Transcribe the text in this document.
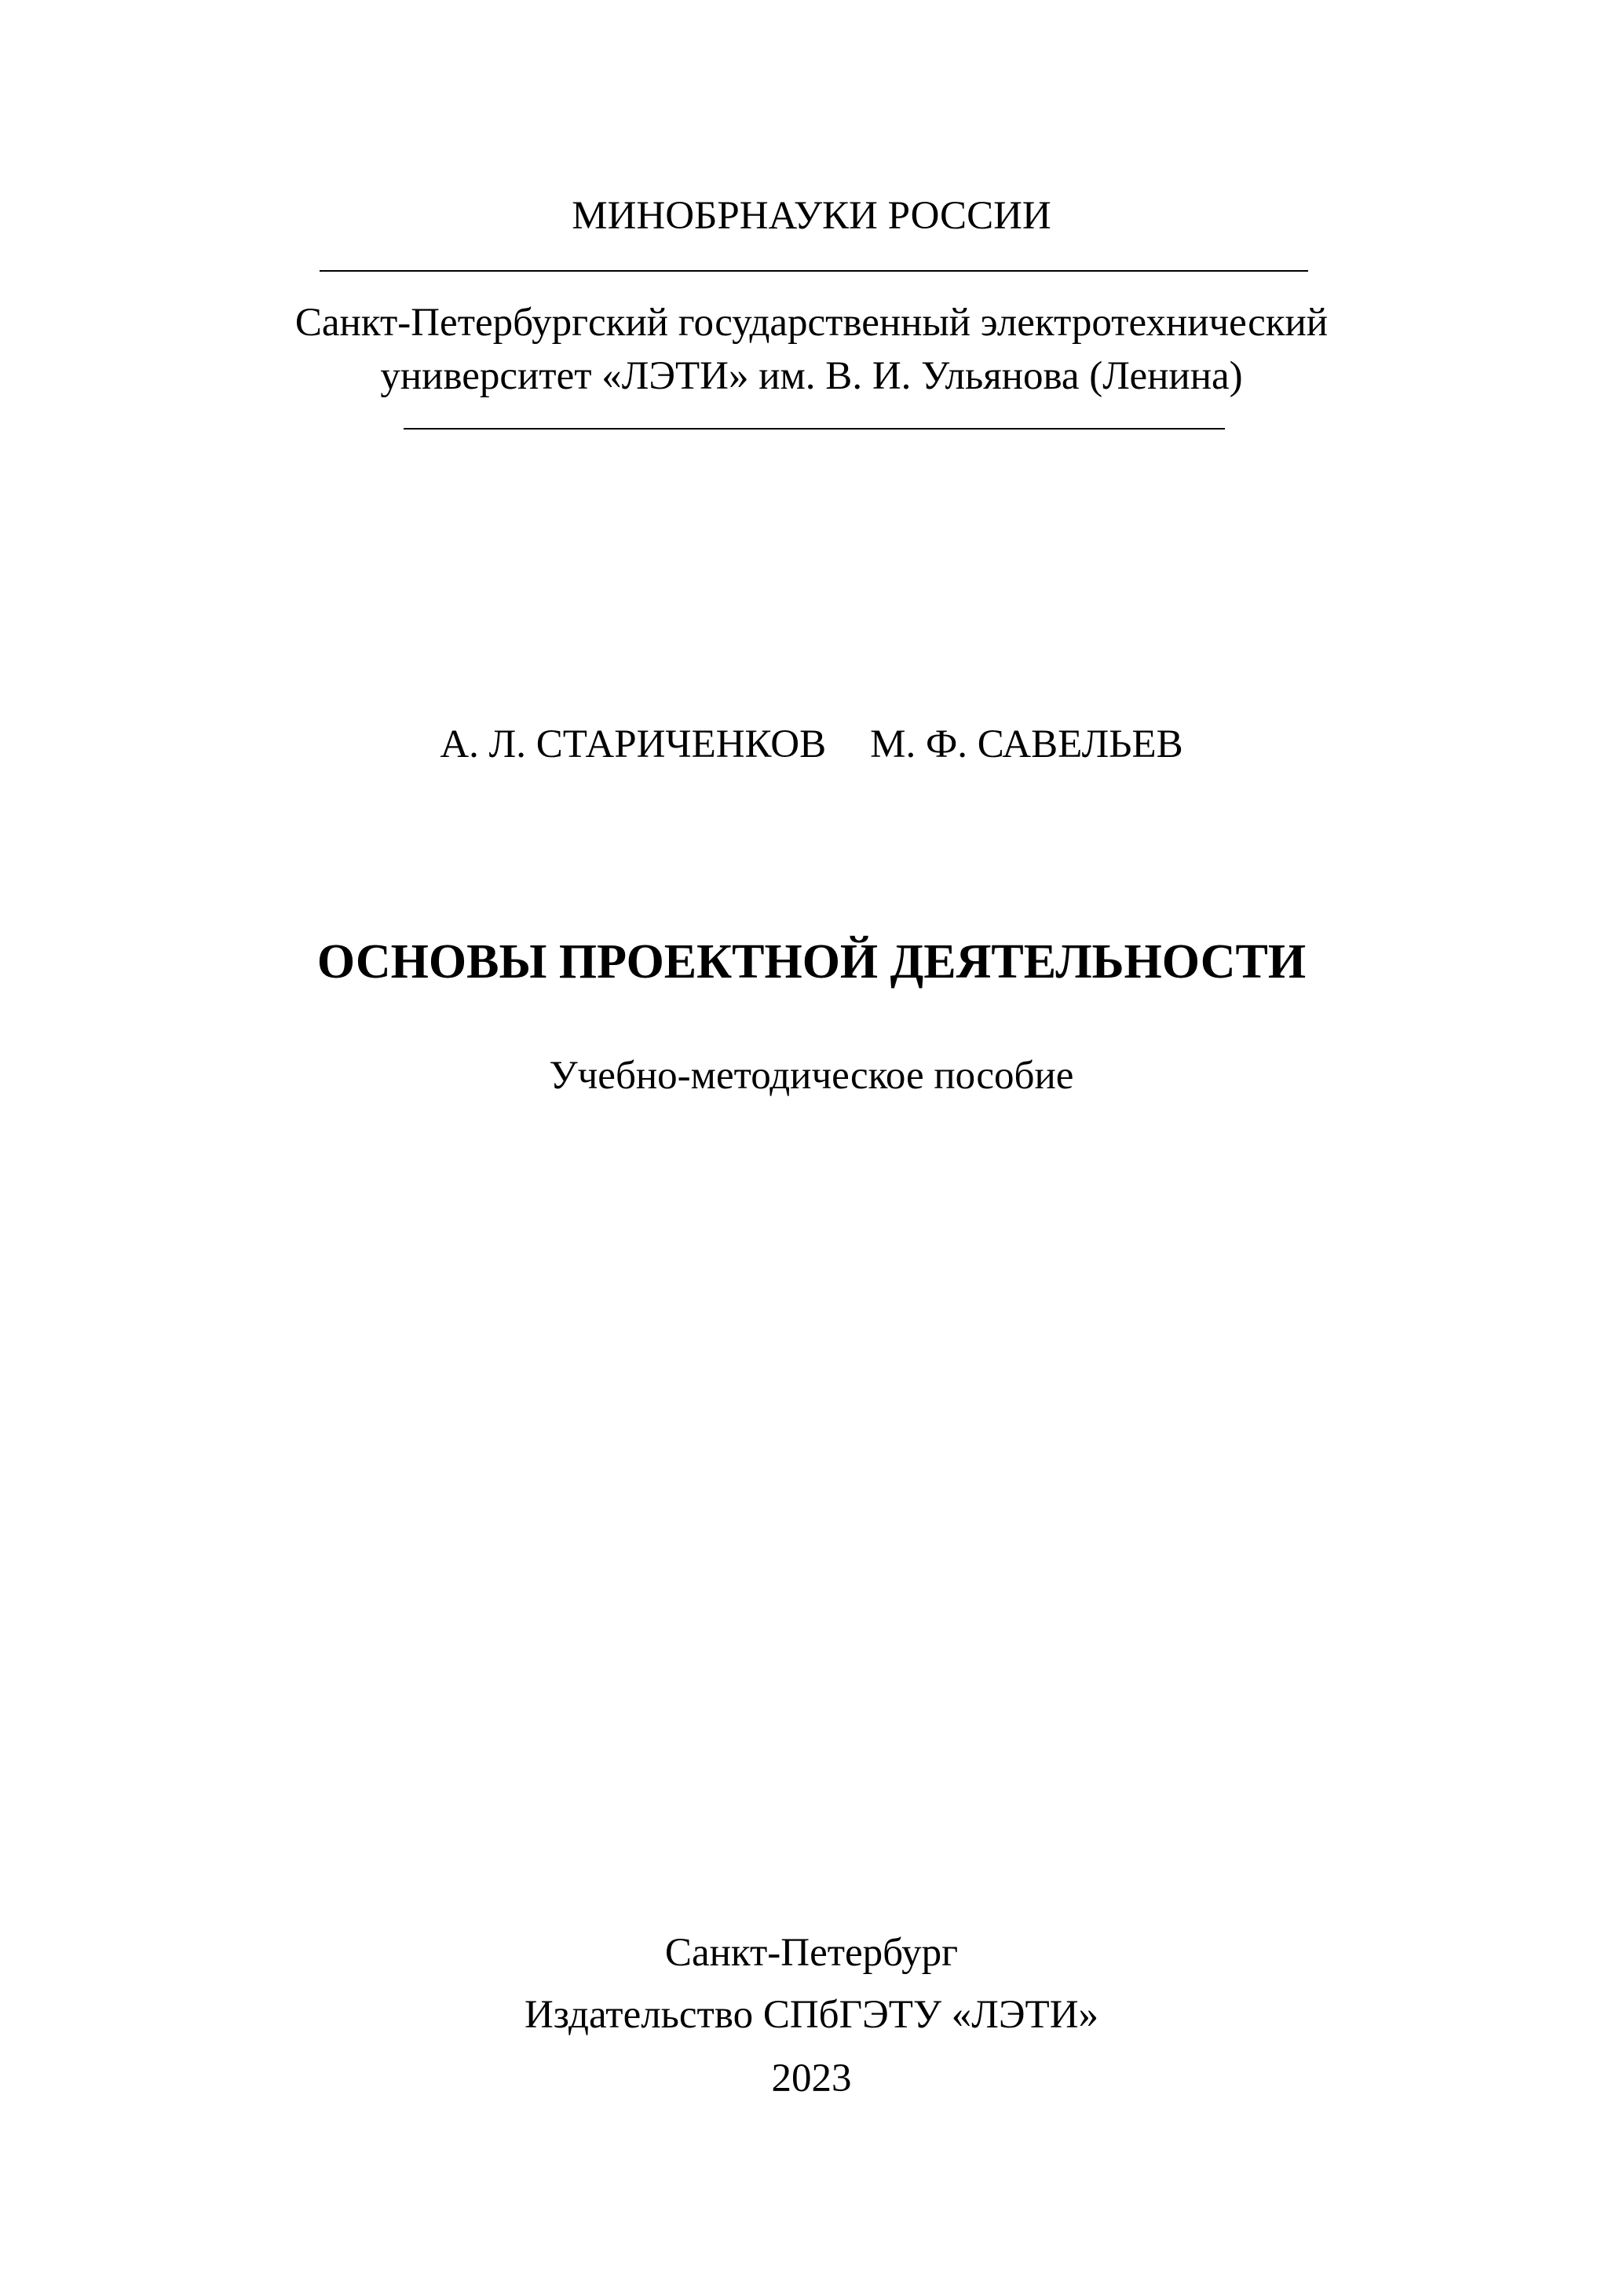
МИНОБРНАУКИ РОССИИ
Санкт-Петербургский государственный электротехнический
университет «ЛЭТИ» им. В. И. Ульянова (Ленина)
А. Л. СТАРИЧЕНКОВ М. Ф. САВЕЛЬЕВ
ОСНОВЫ ПРОЕКТНОЙ ДЕЯТЕЛЬНОСТИ
Учебно-методическое пособие
Санкт-Петербург
Издательство СПбГЭТУ «ЛЭТИ»
2023
